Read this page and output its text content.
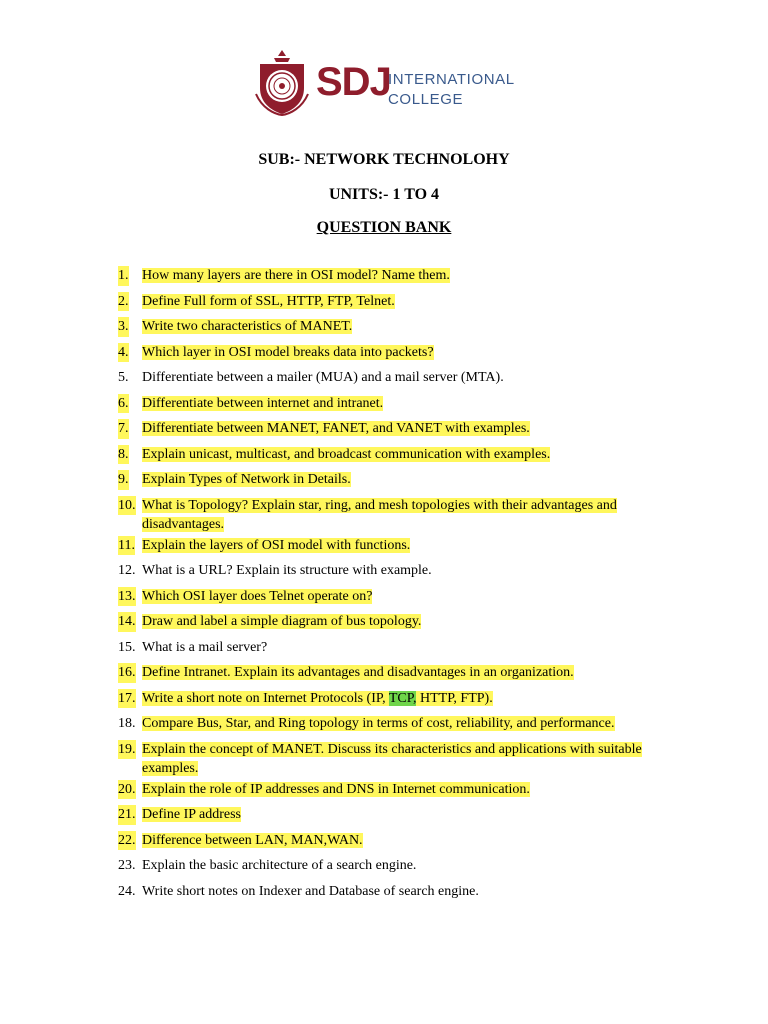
SDJ
INTERNATIONAL
COLLEGE
SUB:- NETWORK TECHNOLOHY
UNITS:- 1 TO 4
QUESTION BANK
1. How many layers are there in OSI model? Name them.
2. Define Full form of SSL, HTTP, FTP, Telnet.
3. Write two characteristics of MANET.
4. Which layer in OSI model breaks data into packets?
5. Differentiate between a mailer (MUA) and a mail server (MTA).
6. Differentiate between internet and intranet.
7. Differentiate between MANET, FANET, and VANET with examples.
8. Explain unicast, multicast, and broadcast communication with examples.
9. Explain Types of Network in Details.
10. What is Topology? Explain star, ring, and mesh topologies with their advantages and disadvantages.
11. Explain the layers of OSI model with functions.
12. What is a URL? Explain its structure with example.
13. Which OSI layer does Telnet operate on?
14. Draw and label a simple diagram of bus topology.
15. What is a mail server?
16. Define Intranet. Explain its advantages and disadvantages in an organization.
17. Write a short note on Internet Protocols (IP, TCP, HTTP, FTP).
18. Compare Bus, Star, and Ring topology in terms of cost, reliability, and performance.
19. Explain the concept of MANET. Discuss its characteristics and applications with suitable examples.
20. Explain the role of IP addresses and DNS in Internet communication.
21. Define IP address
22. Difference between LAN, MAN,WAN.
23. Explain the basic architecture of a search engine.
24. Write short notes on Indexer and Database of search engine.
